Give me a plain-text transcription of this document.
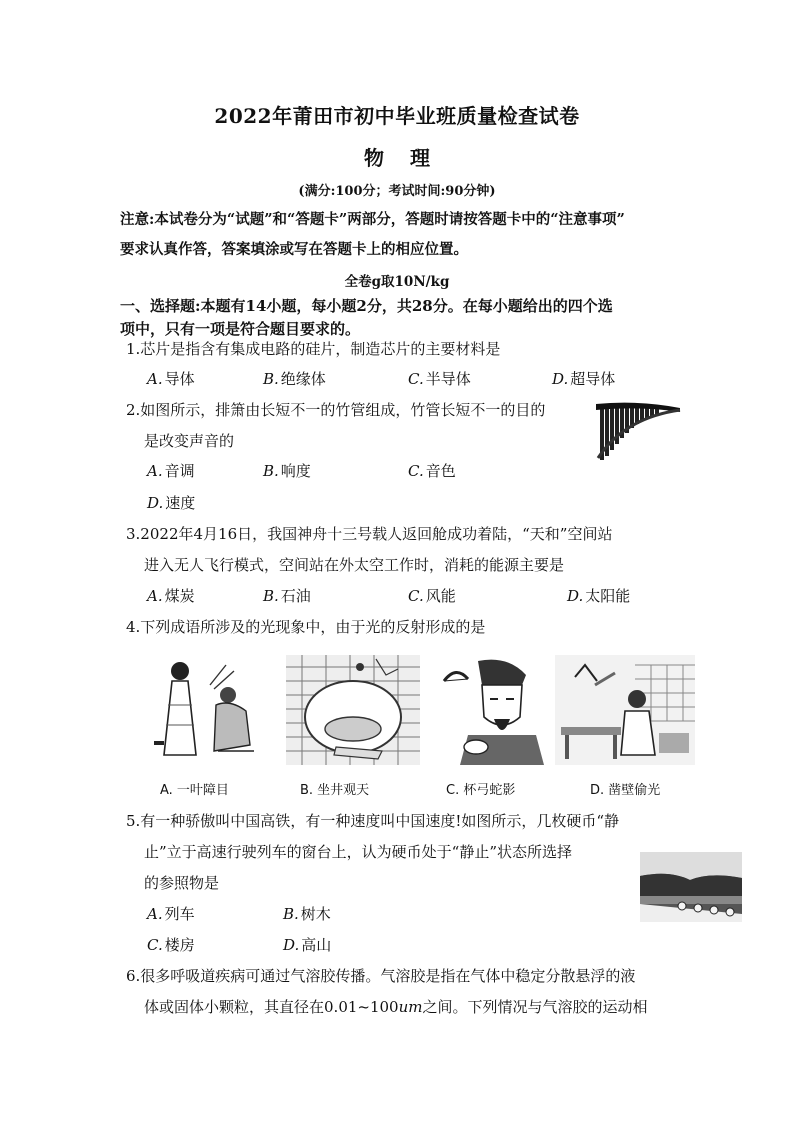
2022年莆田市初中毕业班质量检查试卷
物理
(满分:100分；考试时间:90分钟)
注意:本试卷分为“试题”和“答题卡”两部分，答题时请按答题卡中的“注意事项”
要求认真作答，答案填涂或写在答题卡上的相应位置。
全卷g取10N/kg
一、选择题:本题有14小题，每小题2分，共28分。在每小题给出的四个选
项中，只有一项是符合题目要求的。
1.芯片是指含有集成电路的硅片，制造芯片的主要材料是
A. 导体	B. 绝缘体	C. 半导体	D. 超导体
2.如图所示，排箫由长短不一的竹管组成，竹管长短不一的目的
是改变声音的
A. 音调	B. 响度	C. 音色
D. 速度
3.2022年4月16日，我国神舟十三号载人返回舱成功着陆，“天和”空间站
进入无人飞行模式，空间站在外太空工作时，消耗的能源主要是
A. 煤炭	B. 石油	C. 风能	D. 太阳能
4.下列成语所涉及的光现象中，由于光的反射形成的是
A. 一叶障目	B. 坐井观天	C. 杯弓蛇影	D. 凿壁偷光
5.有一种骄傲叫中国高铁，有一种速度叫中国速度!如图所示，几枚硬币“静
止”立于高速行驶列车的窗台上，认为硬币处于“静止”状态所选择
的参照物是
A. 列车	B. 树木
C. 楼房	D. 高山
6.很多呼吸道疾病可通过气溶胶传播。气溶胶是指在气体中稳定分散悬浮的液
体或固体小颗粒，其直径在0.01~100um之间。下列情况与气溶胶的运动相
